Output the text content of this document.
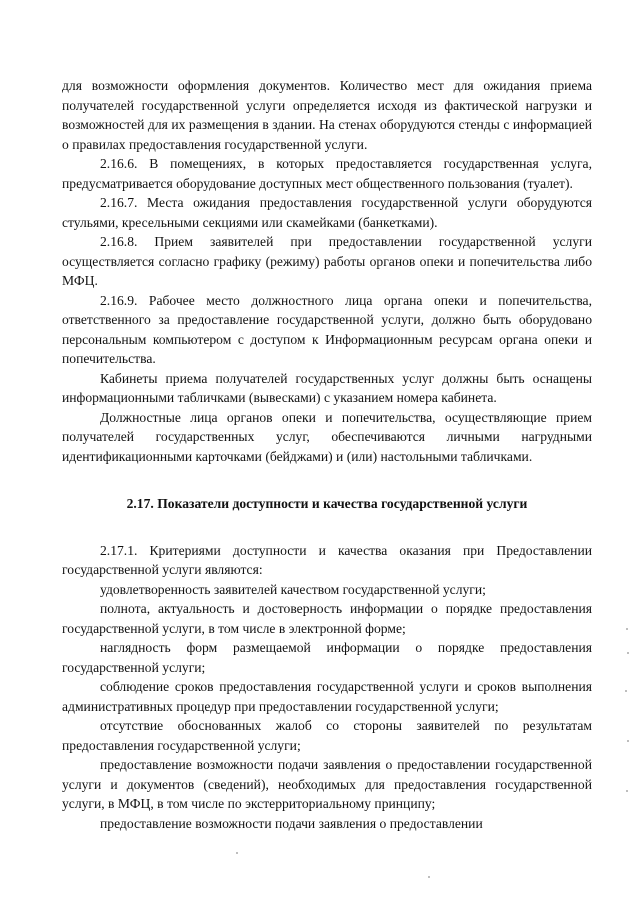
для возможности оформления документов. Количество мест для ожидания приема получателей государственной услуги определяется исходя из фактической нагрузки и возможностей для их размещения в здании. На стенах оборудуются стенды с информацией о правилах предоставления государственной услуги.

2.16.6. В помещениях, в которых предоставляется государственная услуга, предусматривается оборудование доступных мест общественного пользования (туалет).

2.16.7. Места ожидания предоставления государственной услуги оборудуются стульями, кресельными секциями или скамейками (банкетками).

2.16.8. Прием заявителей при предоставлении государственной услуги осуществляется согласно графику (режиму) работы органов опеки и попечительства либо МФЦ.

2.16.9. Рабочее место должностного лица органа опеки и попечительства, ответственного за предоставление государственной услуги, должно быть оборудовано персональным компьютером с доступом к Информационным ресурсам органа опеки и попечительства.

Кабинеты приема получателей государственных услуг должны быть оснащены информационными табличками (вывесками) с указанием номера кабинета.

Должностные лица органов опеки и попечительства, осуществляющие прием получателей государственных услуг, обеспечиваются личными нагрудными идентификационными карточками (бейджами) и (или) настольными табличками.

2.17. Показатели доступности и качества государственной услуги

2.17.1. Критериями доступности и качества оказания при Предоставлении государственной услуги являются:

удовлетворенность заявителей качеством государственной услуги;

полнота, актуальность и достоверность информации о порядке предоставления государственной услуги, в том числе в электронной форме;

наглядность форм размещаемой информации о порядке предоставления государственной услуги;

соблюдение сроков предоставления государственной услуги и сроков выполнения административных процедур при предоставлении государственной услуги;

отсутствие обоснованных жалоб со стороны заявителей по результатам предоставления государственной услуги;

предоставление возможности подачи заявления о предоставлении государственной услуги и документов (сведений), необходимых для предоставления государственной услуги, в МФЦ, в том числе по экстерриториальному принципу;

предоставление возможности подачи заявления о предоставлении
